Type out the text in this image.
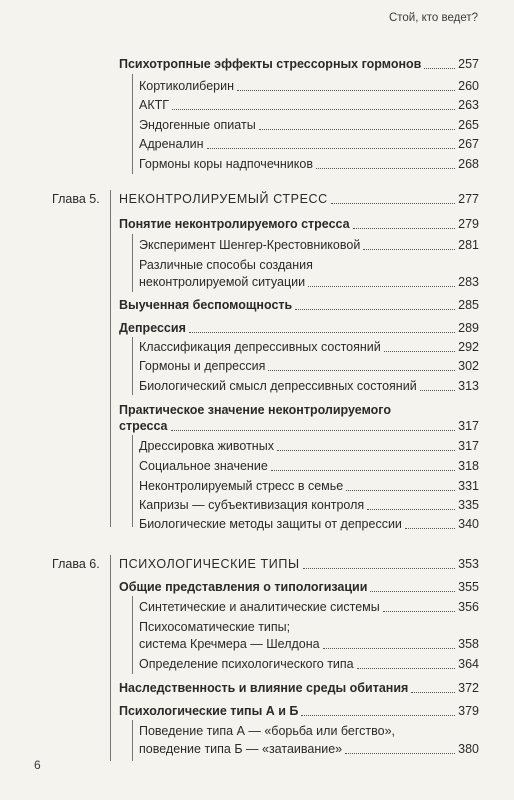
Стой, кто ведет?
Психотропные эффекты стрессорных гормонов	257
Кортиколиберин	260
АКТГ	263
Эндогенные опиаты	265
Адреналин	267
Гормоны коры надпочечников	268
Глава 5. НЕКОНТРОЛИРУЕМЫЙ СТРЕСС	277
Понятие неконтролируемого стресса	279
Эксперимент Шенгер-Крестовниковой	281
Различные способы создания
неконтролируемой ситуации	283
Выученная беспомощность	285
Депрессия	289
Классификация депрессивных состояний	292
Гормоны и депрессия	302
Биологический смысл депрессивных состояний	313
Практическое значение неконтролируемого
стресса	317
Дрессировка животных	317
Социальное значение	318
Неконтролируемый стресс в семье	331
Капризы — субъективизация контроля	335
Биологические методы защиты от депрессии	340
Глава 6. ПСИХОЛОГИЧЕСКИЕ ТИПЫ	353
Общие представления о типологизации	355
Синтетические и аналитические системы	356
Психосоматические типы;
система Кречмера — Шелдона	358
Определение психологического типа	364
Наследственность и влияние среды обитания	372
Психологические типы А и Б	379
Поведение типа А — «борьба или бегство»,
поведение типа Б — «затаивание»	380
6
